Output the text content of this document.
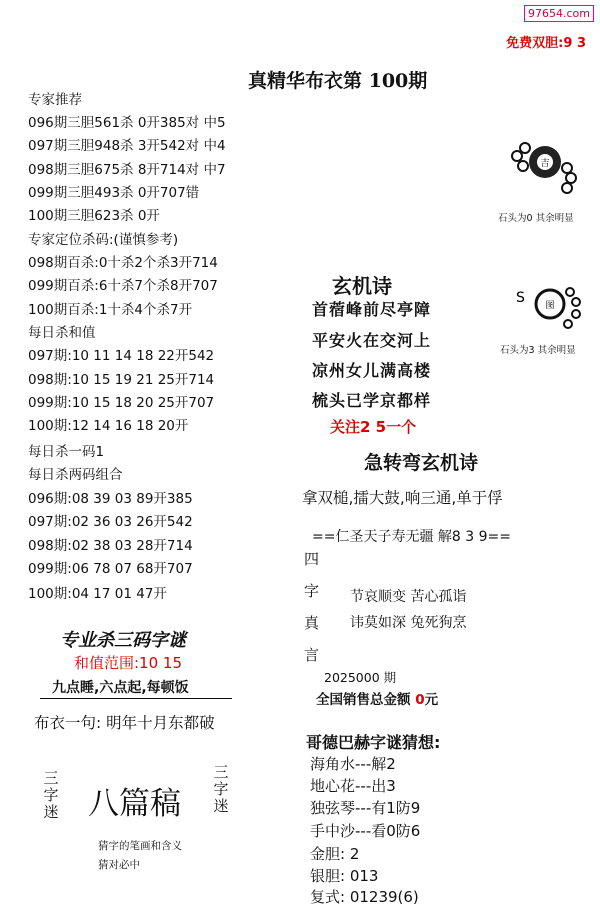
97654.com
免费双胆:9 3
真精华布衣第 100期
专家推荐
096期三胆561杀 0开385对 中5
097期三胆948杀 3开542对 中4
098期三胆675杀 8开714对 中7
099期三胆493杀 0开707错
100期三胆623杀 0开
专家定位杀码:(谨慎参考)
098期百杀:0十杀2个杀3开714
099期百杀:6十杀7个杀8开707
100期百杀:1十杀4个杀7开
每日杀和值
097期:10 11 14 18 22开542
098期:10 15 19 21 25开714
099期:10 15 18 20 25开707
100期:12 14 16 18 20开
每日杀一码1
每日杀两码组合
096期:08 39 03 89开385
097期:02 36 03 26开542
098期:02 38 03 28开714
099期:06 78 07 68开707
100期:04 17 01 47开
吉
石头为0 其余明显
S 图
石头为3 其余明显
玄机诗
首蓿峰前尽亭障
平安火在交河上
凉州女儿满高楼
梳头已学京都样
关注2 5一个
急转弯玄机诗
拿双槌,擂大鼓,响三通,单于俘
==仁圣天子寿无疆 解8 3 9==
四
字
真
言
节哀顺变 苦心孤诣
讳莫如深 兔死狗烹
2025000 期
全国销售总金额 0元
哥德巴赫字谜猜想:
海角水---解2
地心花---出3
独弦琴---有1防9
手中沙---看0防6
金胆: 2
银胆: 013
复式: 01239(6)
专业杀三码字谜
和值范围:10 15
九点睡,六点起,每顿饭
布衣一句: 明年十月东都破
三字迷
三字迷
八篇稿
猜字的笔画和含义
猜对必中
